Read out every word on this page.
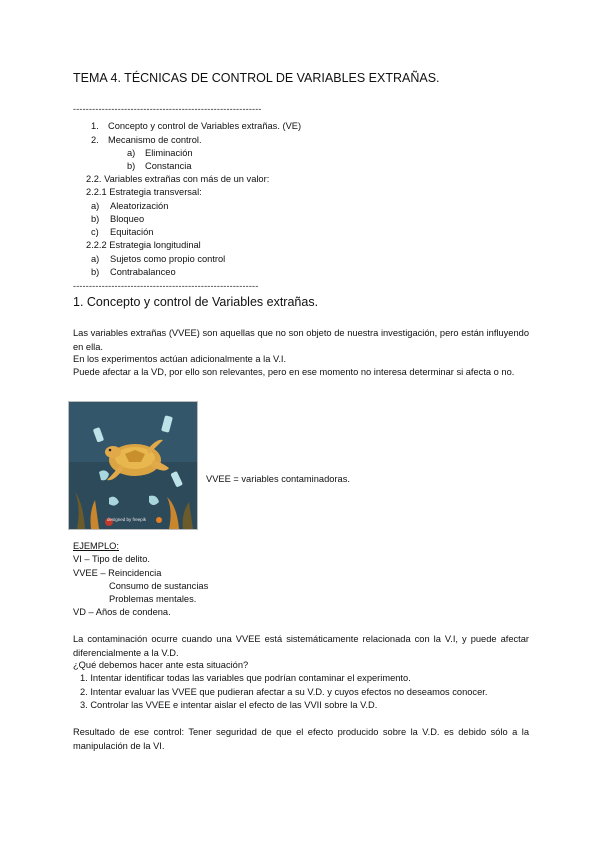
TEMA 4. TÉCNICAS DE CONTROL DE VARIABLES EXTRAÑAS.
-----------------------------------------------------------
1. Concepto y control de Variables extrañas. (VE)
2. Mecanismo de control.
a) Eliminación
b) Constancia
2.2. Variables extrañas con más de un valor:
2.2.1 Estrategia transversal:
a) Aleatorización
b) Bloqueo
c) Equitación
2.2.2 Estrategia longitudinal
a) Sujetos como propio control
b) Contrabalanceo
----------------------------------------------------------
1. Concepto y control de Variables extrañas.
Las variables extrañas (VVEE) son aquellas que no son objeto de nuestra investigación, pero están influyendo en ella.
En los experimentos actúan adicionalmente a la V.I.
Puede afectar a la VD, por ello son relevantes, pero en ese momento no interesa determinar si afecta o no.
designed by freepik
VVEE = variables contaminadoras.
EJEMPLO:
VI – Tipo de delito.
VVEE – Reincidencia
Consumo de sustancias
Problemas mentales.
VD – Años de condena.
La contaminación ocurre cuando una VVEE está sistemáticamente relacionada con la V.I, y puede afectar diferencialmente a la V.D.
¿Qué debemos hacer ante esta situación?
1. Intentar identificar todas las variables que podrían contaminar el experimento.
2. Intentar evaluar las VVEE que pudieran afectar a su V.D. y cuyos efectos no deseamos conocer.
3. Controlar las VVEE e intentar aislar el efecto de las VVII sobre la V.D.
Resultado de ese control: Tener seguridad de que el efecto producido sobre la V.D. es debido sólo a la manipulación de la VI.
